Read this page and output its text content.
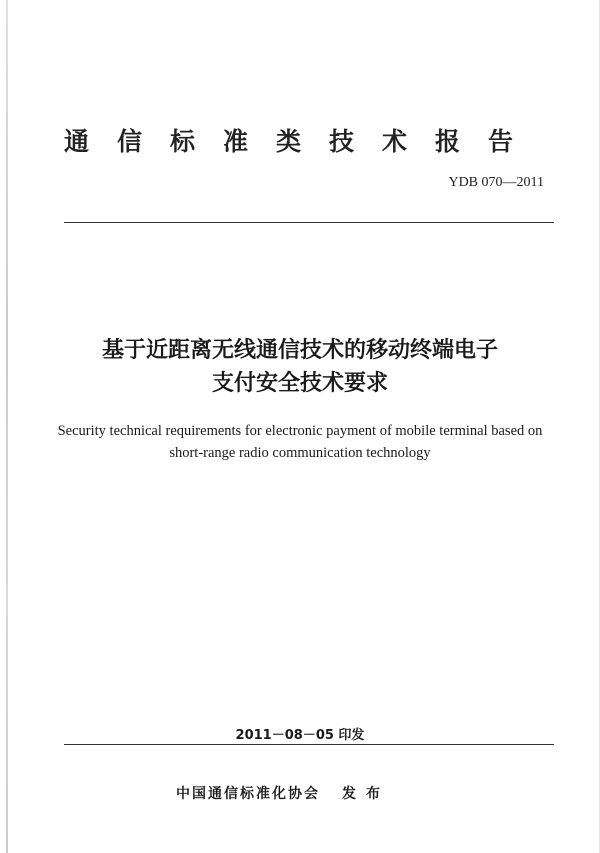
通信标准类技术报告
YDB 070—2011
基于近距离无线通信技术的移动终端电子
支付安全技术要求
Security technical requirements for electronic payment of mobile terminal based on
short-range radio communication technology
2011－08－05 印发
中国通信标准化协会 发布
